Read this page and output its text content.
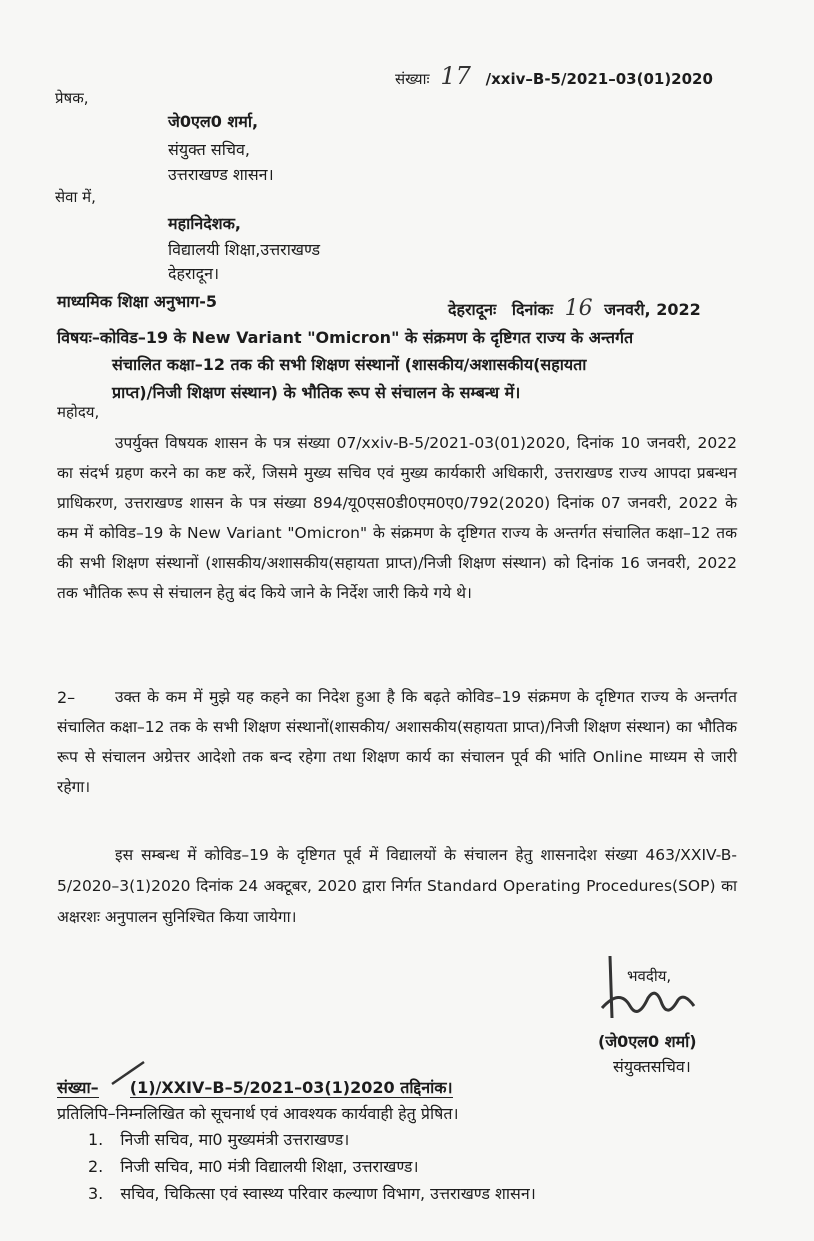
संख्याः 17 /xxiv–B-5/2021–03(01)2020
प्रेषक,
जे0एल0 शर्मा,
संयुक्त सचिव,
उत्तराखण्ड शासन।
सेवा में,
महानिदेशक,
विद्यालयी शिक्षा,उत्तराखण्ड
देहरादून।
माध्यमिक शिक्षा अनुभाग-5	देहरादूनः दिनांकः 16 जनवरी, 2022
विषयः–कोविड–19 के New Variant "Omicron" के संक्रमण के दृष्टिगत राज्य के अन्तर्गत
संचालित कक्षा–12 तक की सभी शिक्षण संस्थानों (शासकीय/अशासकीय(सहायता
प्राप्त)/निजी शिक्षण संस्थान) के भौतिक रूप से संचालन के सम्बन्ध में।
महोदय,
उपर्युक्त विषयक शासन के पत्र संख्या 07/xxiv-B-5/2021-03(01)2020, दिनांक 10 जनवरी, 2022 का संदर्भ ग्रहण करने का कष्ट करें, जिसमे मुख्य सचिव एवं मुख्य कार्यकारी अधिकारी, उत्तराखण्ड राज्य आपदा प्रबन्धन प्राधिकरण, उत्तराखण्ड शासन के पत्र संख्या 894/यू0एस0डी0एम0ए0/792(2020) दिनांक 07 जनवरी, 2022 के कम में कोविड–19 के New Variant "Omicron" के संक्रमण के दृष्टिगत राज्य के अन्तर्गत संचालित कक्षा–12 तक की सभी शिक्षण संस्थानों (शासकीय/अशासकीय(सहायता प्राप्त)/निजी शिक्षण संस्थान) को दिनांक 16 जनवरी, 2022 तक भौतिक रूप से संचालन हेतु बंद किये जाने के निर्देश जारी किये गये थे।
2–	उक्त के कम में मुझे यह कहने का निदेश हुआ है कि बढ़ते कोविड–19 संक्रमण के दृष्टिगत राज्य के अन्तर्गत संचालित कक्षा–12 तक के सभी शिक्षण संस्थानों(शासकीय/ अशासकीय(सहायता प्राप्त)/निजी शिक्षण संस्थान) का भौतिक रूप से संचालन अग्रेत्तर आदेशो तक बन्द रहेगा तथा शिक्षण कार्य का संचालन पूर्व की भांति Online माध्यम से जारी रहेगा।
इस सम्बन्ध में कोविड–19 के दृष्टिगत पूर्व में विद्यालयों के संचालन हेतु शासनादेश संख्या 463/XXIV-B-5/2020–3(1)2020 दिनांक 24 अक्टूबर, 2020 द्वारा निर्गत Standard Operating Procedures(SOP) का अक्षरशः अनुपालन सुनिश्चित किया जायेगा।
भवदीय,
(जे0एल0 शर्मा)
संयुक्तसचिव।
संख्या– (1)/XXIV–B–5/2021–03(1)2020 तद्दिनांक।
प्रतिलिपि–निम्नलिखित को सूचनार्थ एवं आवश्यक कार्यवाही हेतु प्रेषित।
1. निजी सचिव, मा0 मुख्यमंत्री उत्तराखण्ड।
2. निजी सचिव, मा0 मंत्री विद्यालयी शिक्षा, उत्तराखण्ड।
3. सचिव, चिकित्सा एवं स्वास्थ्य परिवार कल्याण विभाग, उत्तराखण्ड शासन।
